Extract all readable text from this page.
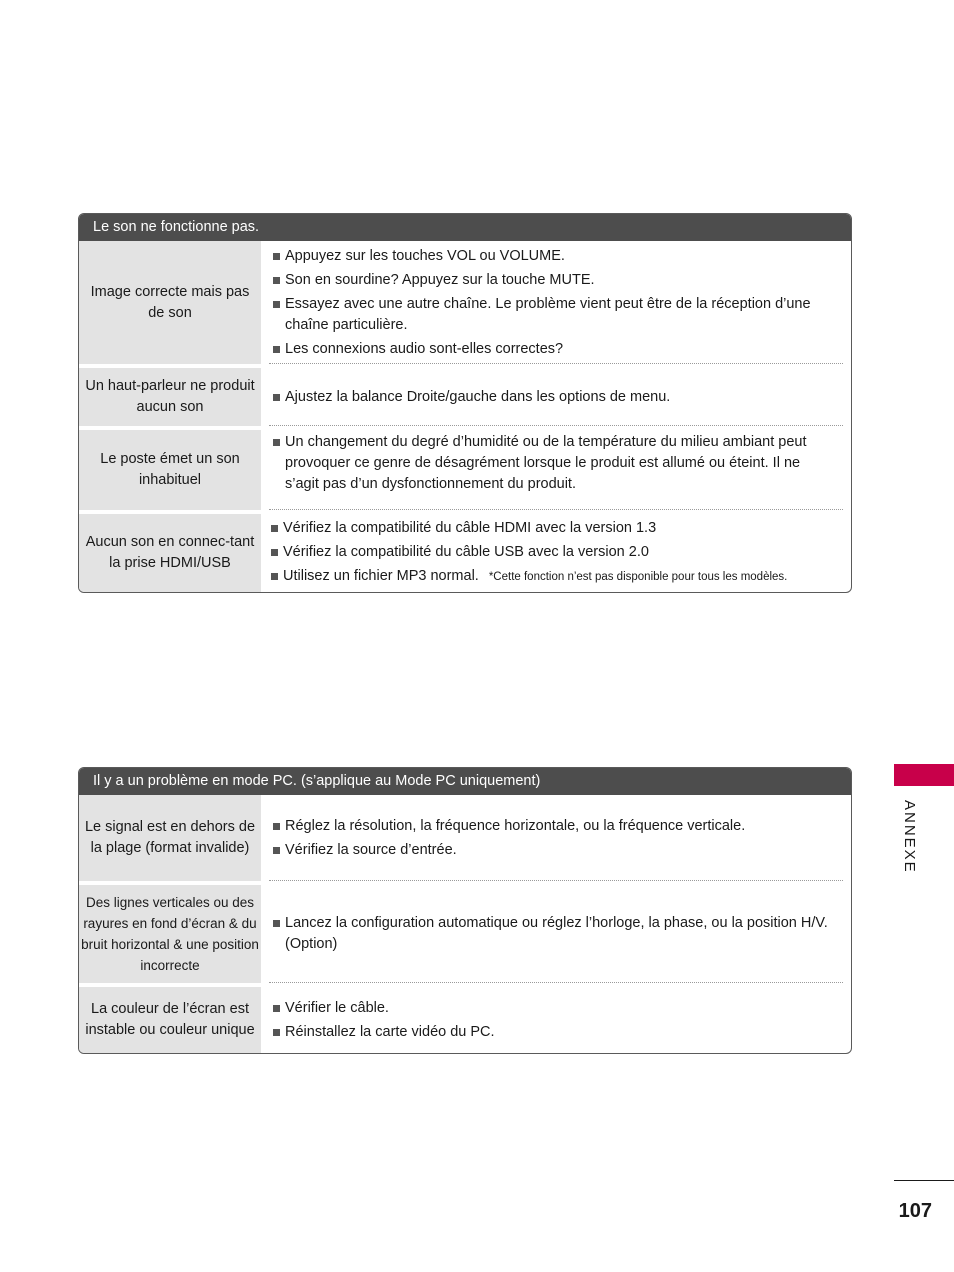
Le son ne fonctionne pas.
Image correcte mais pas de son
Appuyez sur les touches VOL ou VOLUME.
Son en sourdine? Appuyez sur la touche MUTE.
Essayez avec une autre chaîne. Le problème vient peut être de la réception d’une chaîne particulière.
Les connexions audio sont-elles correctes?
Un haut-parleur ne produit aucun son
Ajustez la balance Droite/gauche dans les options de menu.
Le poste émet un son inhabituel
Un changement du degré d’humidité ou de la température du milieu ambiant peut provoquer ce genre de désagrément lorsque le produit est allumé ou éteint. Il ne s’agit pas d’un dysfonctionnement du produit.
Aucun son en connec-tant la prise HDMI/USB
Vérifiez la compatibilité du câble HDMI avec la version 1.3
Vérifiez la compatibilité du câble USB avec la version 2.0
Utilisez un fichier MP3 normal. *Cette fonction n’est pas disponible pour tous les modèles.
Il y a un problème en mode PC. (s’applique au Mode PC uniquement)
Le signal est en dehors de la plage (format invalide)
Réglez la résolution, la fréquence horizontale, ou la fréquence verticale.
Vérifiez la source d’entrée.
Des lignes verticales ou des rayures en fond d’écran & du bruit horizontal & une position incorrecte
Lancez la configuration automatique ou réglez l’horloge, la phase, ou la position H/V. (Option)
La couleur de l’écran est instable ou couleur unique
Vérifier le câble.
Réinstallez la carte vidéo du PC.
ANNEXE
107
